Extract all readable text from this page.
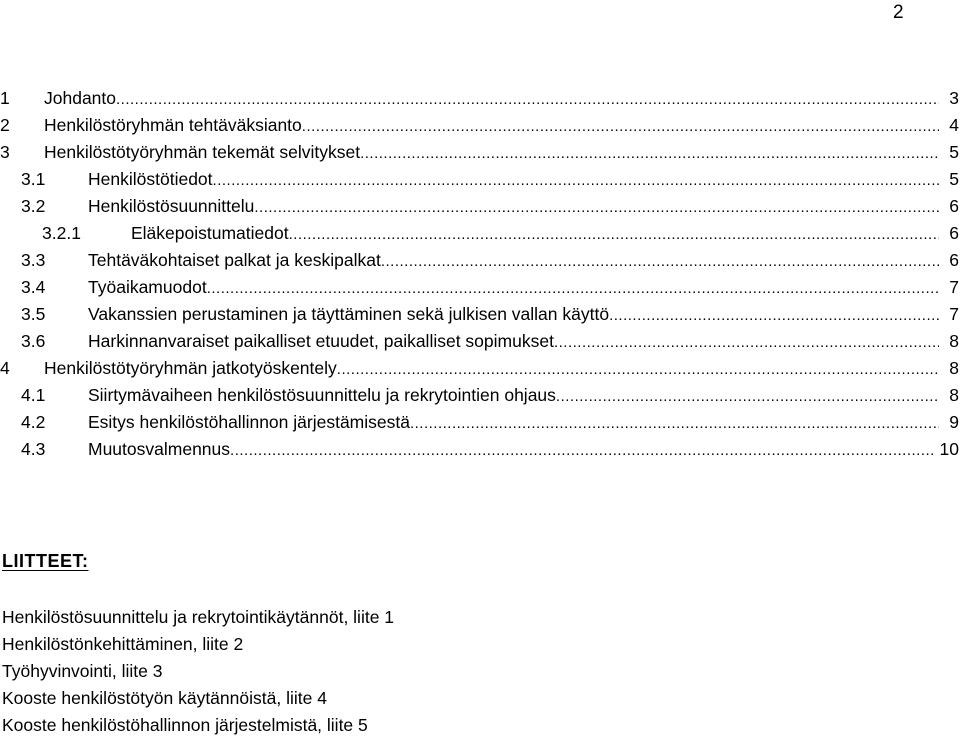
2
1 Johdanto .....	3
2 Henkilöstöryhmän tehtäväksianto .....	4
3 Henkilöstötyöryhmän tekemät selvitykset .....	5
3.1 Henkilöstötiedot .....	5
3.2 Henkilöstösuunnittelu .....	6
3.2.1	Eläkepoistumatiedot .....	6
3.3 Tehtäväkohtaiset palkat ja keskipalkat .....	6
3.4 Työaikamuodot .....	7
3.5 Vakanssien perustaminen ja täyttäminen sekä julkisen vallan käyttö .....	7
3.6 Harkinnanvaraiset paikalliset etuudet, paikalliset sopimukset .....	8
4 Henkilöstötyöryhmän jatkotyöskentely .....	8
4.1 Siirtymävaiheen henkilöstösuunnittelu ja rekrytointien ohjaus .....	8
4.2 Esitys henkilöstöhallinnon järjestämisestä .....	9
4.3 Muutosvalmennus .....	10
LIITTEET:
Henkilöstösuunnittelu ja rekrytointikäytännöt, liite 1
Henkilöstönkehittäminen, liite 2
Työhyvinvointi, liite 3
Kooste henkilöstötyön käytännöistä, liite 4
Kooste henkilöstöhallinnon järjestelmistä, liite 5
